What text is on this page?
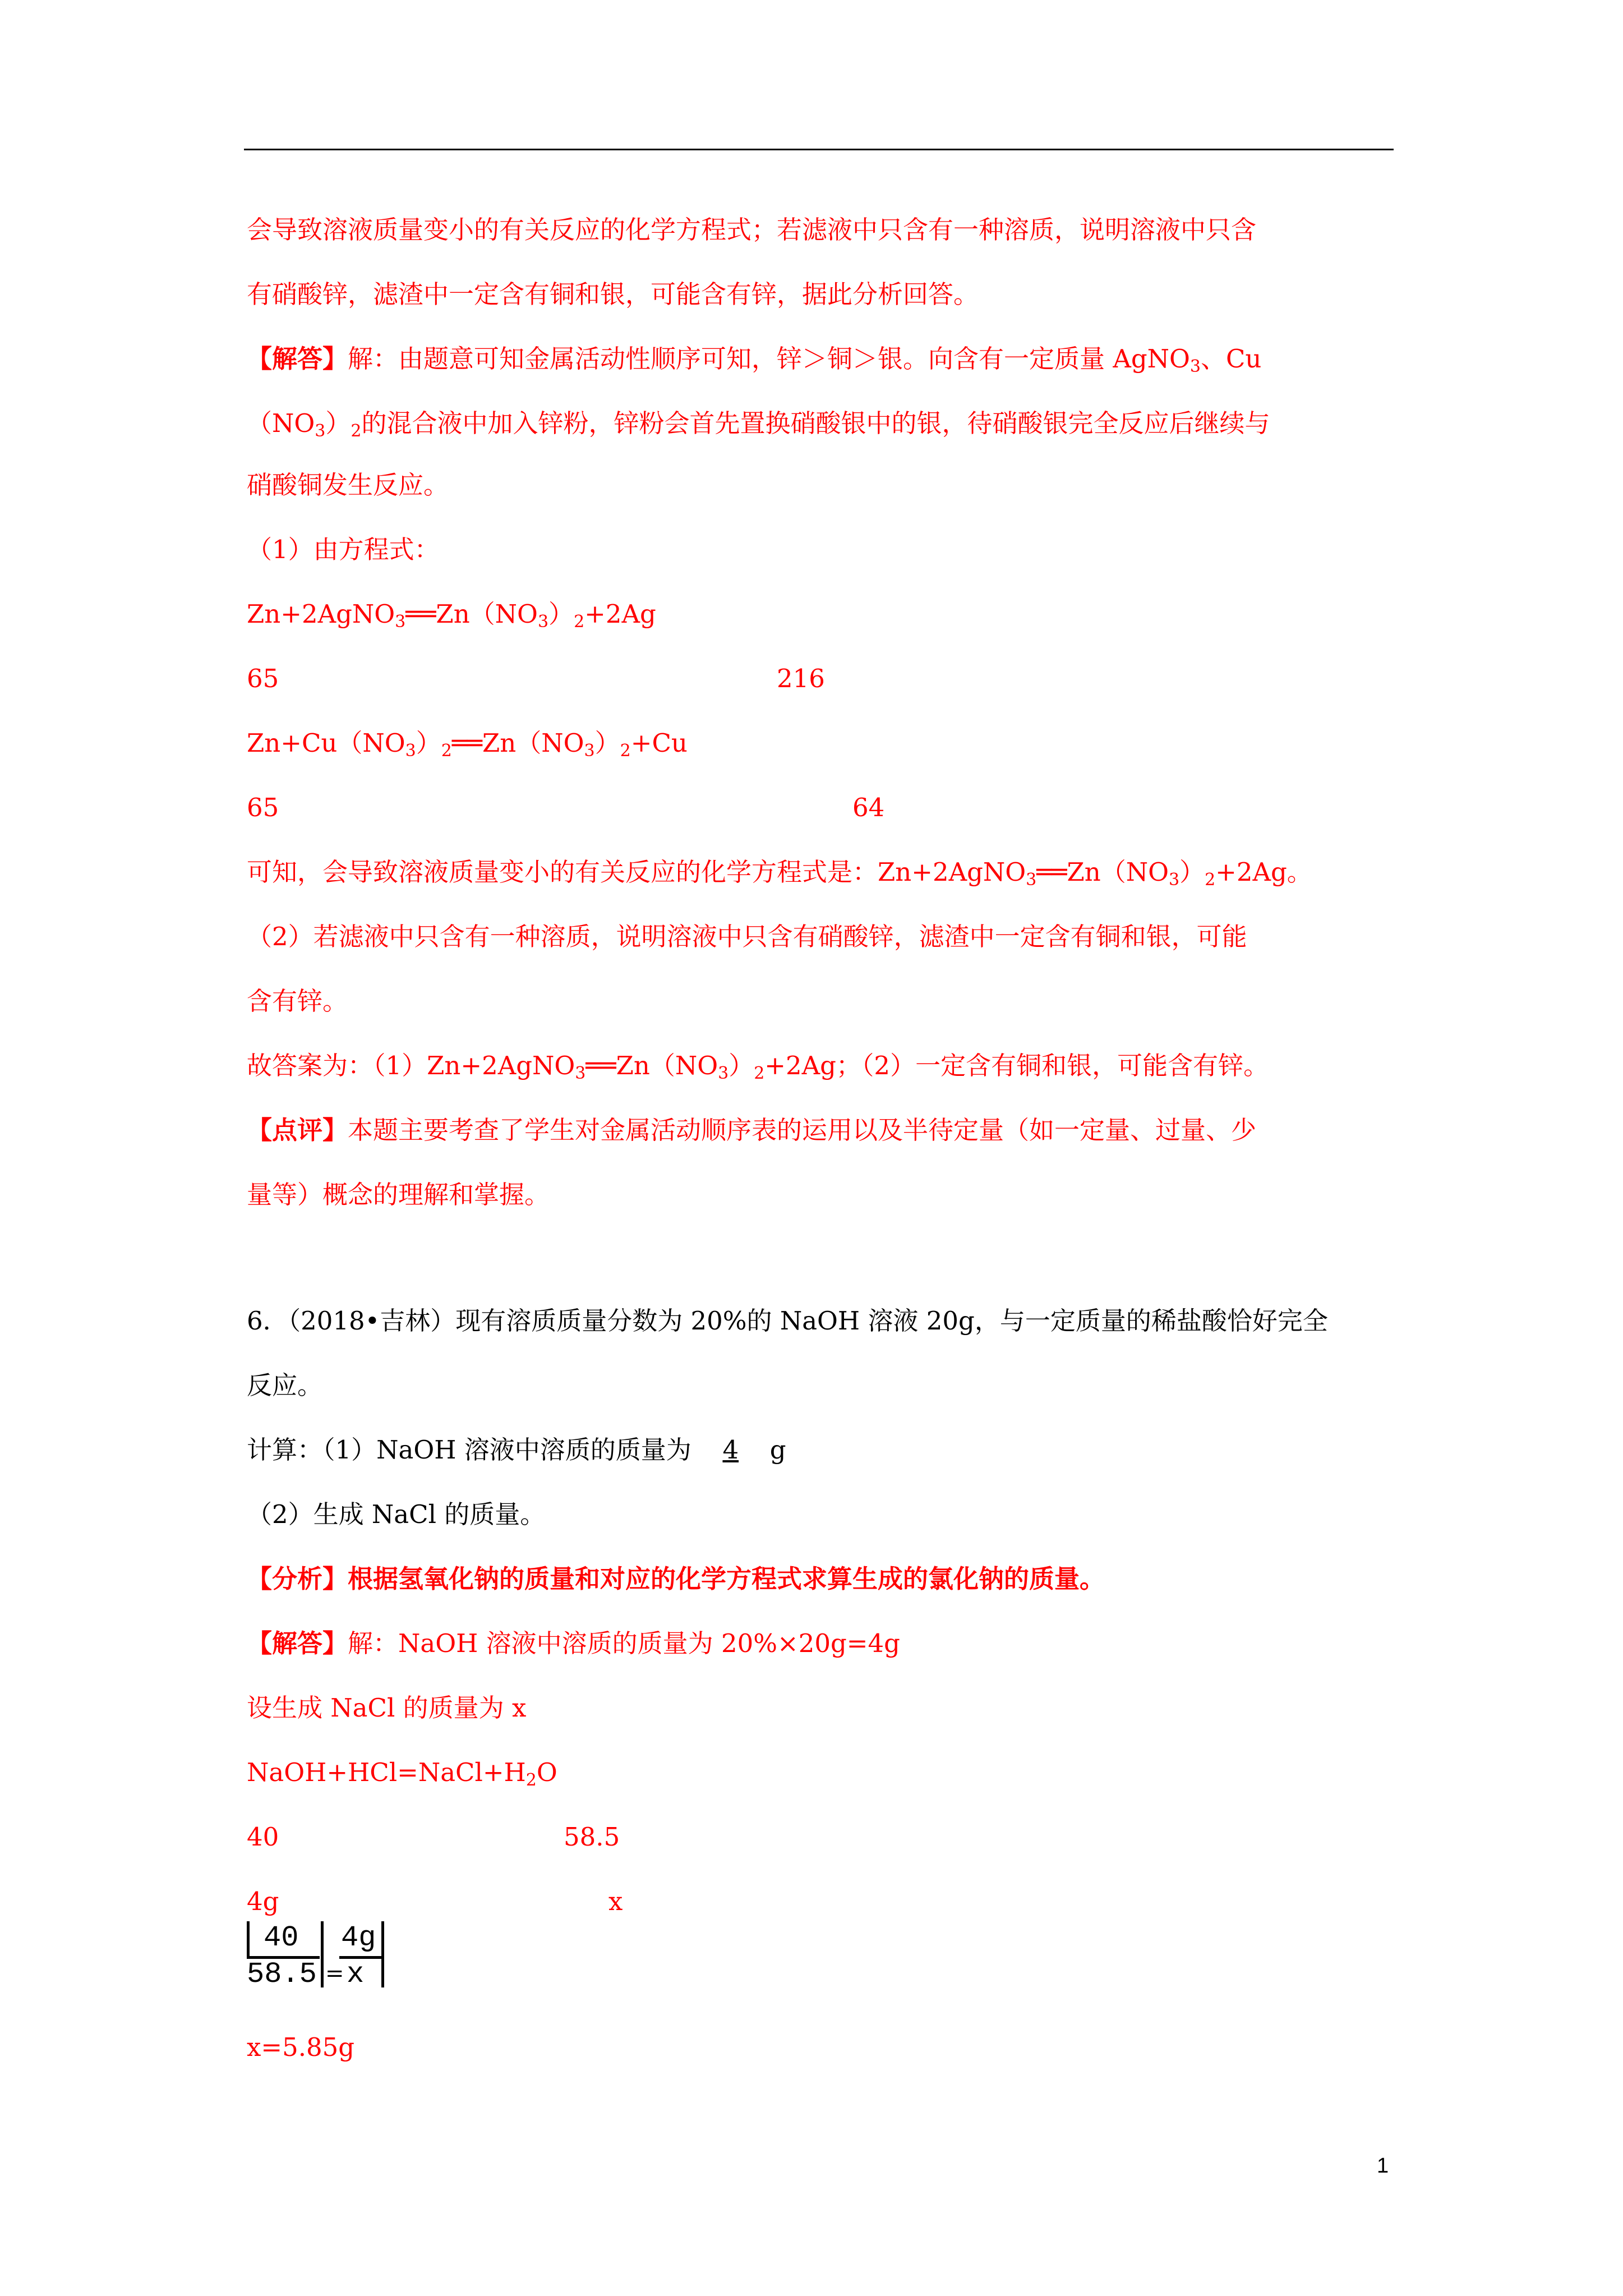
会导致溶液质量变小的有关反应的化学方程式；若滤液中只含有一种溶质，说明溶液中只含
有硝酸锌，滤渣中一定含有铜和银，可能含有锌，据此分析回答。
【解答】解：由题意可知金属活动性顺序可知，锌＞铜＞银。向含有一定质量 AgNO$_3$、Cu
$(NO_3)_2$的混合液中加入锌粉，锌粉会首先置换硝酸银中的银，待硝酸银完全反应后继续与
硝酸铜发生反应。
（1）由方程式：
$Zn+2AgNO_3══Zn(NO_3)_2+2Ag$
65	216
$Zn+Cu(NO_3)_2══Zn(NO_3)_2+Cu$
65	64
可知，会导致溶液质量变小的有关反应的化学方程式是：$Zn+2AgNO_3══Zn(NO_3)_2+2Ag$。
（2）若滤液中只含有一种溶质，说明溶液中只含有硝酸锌，滤渣中一定含有铜和银，可能
含有锌。
故答案为：$(1)Zn+2AgNO_3══Zn(NO_3)_2+2Ag$；（2）一定含有铜和银，可能含有锌。
【点评】本题主要考查了学生对金属活动顺序表的运用以及半待定量（如一定量、过量、少
量等）概念的理解和掌握。
6．（2018•吉林）现有溶质质量分数为 20%的 NaOH 溶液 20g，与一定质量的稀盐酸恰好完全
反应。
计算：（1）NaOH 溶液中溶质的质量为 4 g
（2）生成 NaCl 的质量。
【分析】根据氢氧化钠的质量和对应的化学方程式求算生成的氯化钠的质量。
【解答】解：NaOH 溶液中溶质的质量为 20%×20g=4g
设生成 NaCl 的质量为 x
$NaOH+HCl=NaCl+H_2O$
40	58.5
4g	x
40
58.5 =
4g
x
x=5.85g
1
